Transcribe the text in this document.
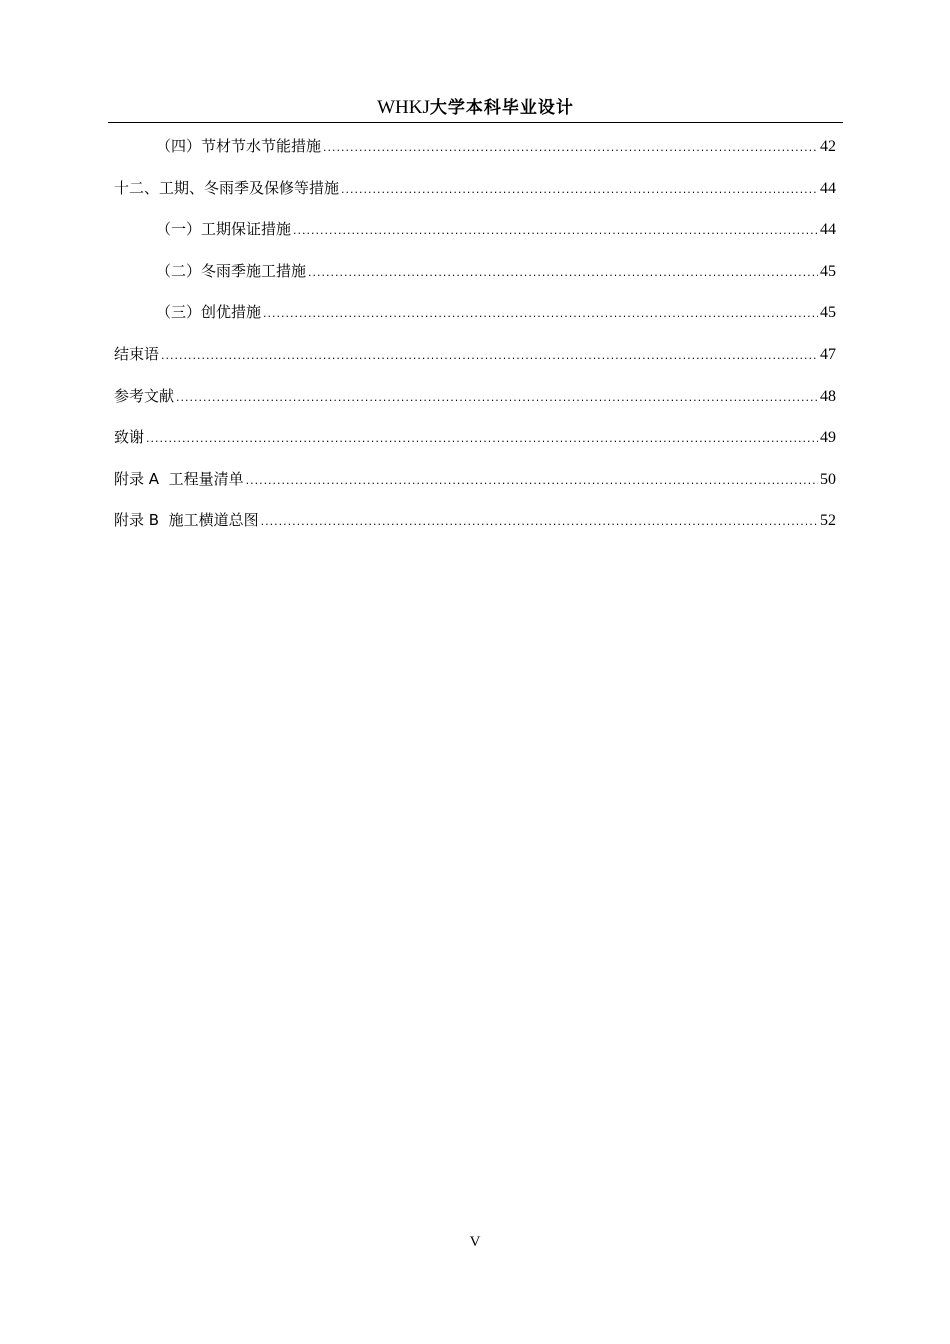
WHKJ大学本科毕业设计
（四）节材节水节能措施 .....	42
十二、工期、冬雨季及保修等措施 .....	44
（一）工期保证措施 .....	44
（二）冬雨季施工措施 .....	45
（三）创优措施 .....	45
结束语 .....	47
参考文献 .....	48
致谢 .....	49
附录 A  工程量清单 .....	50
附录 B  施工横道总图 .....	52
V
